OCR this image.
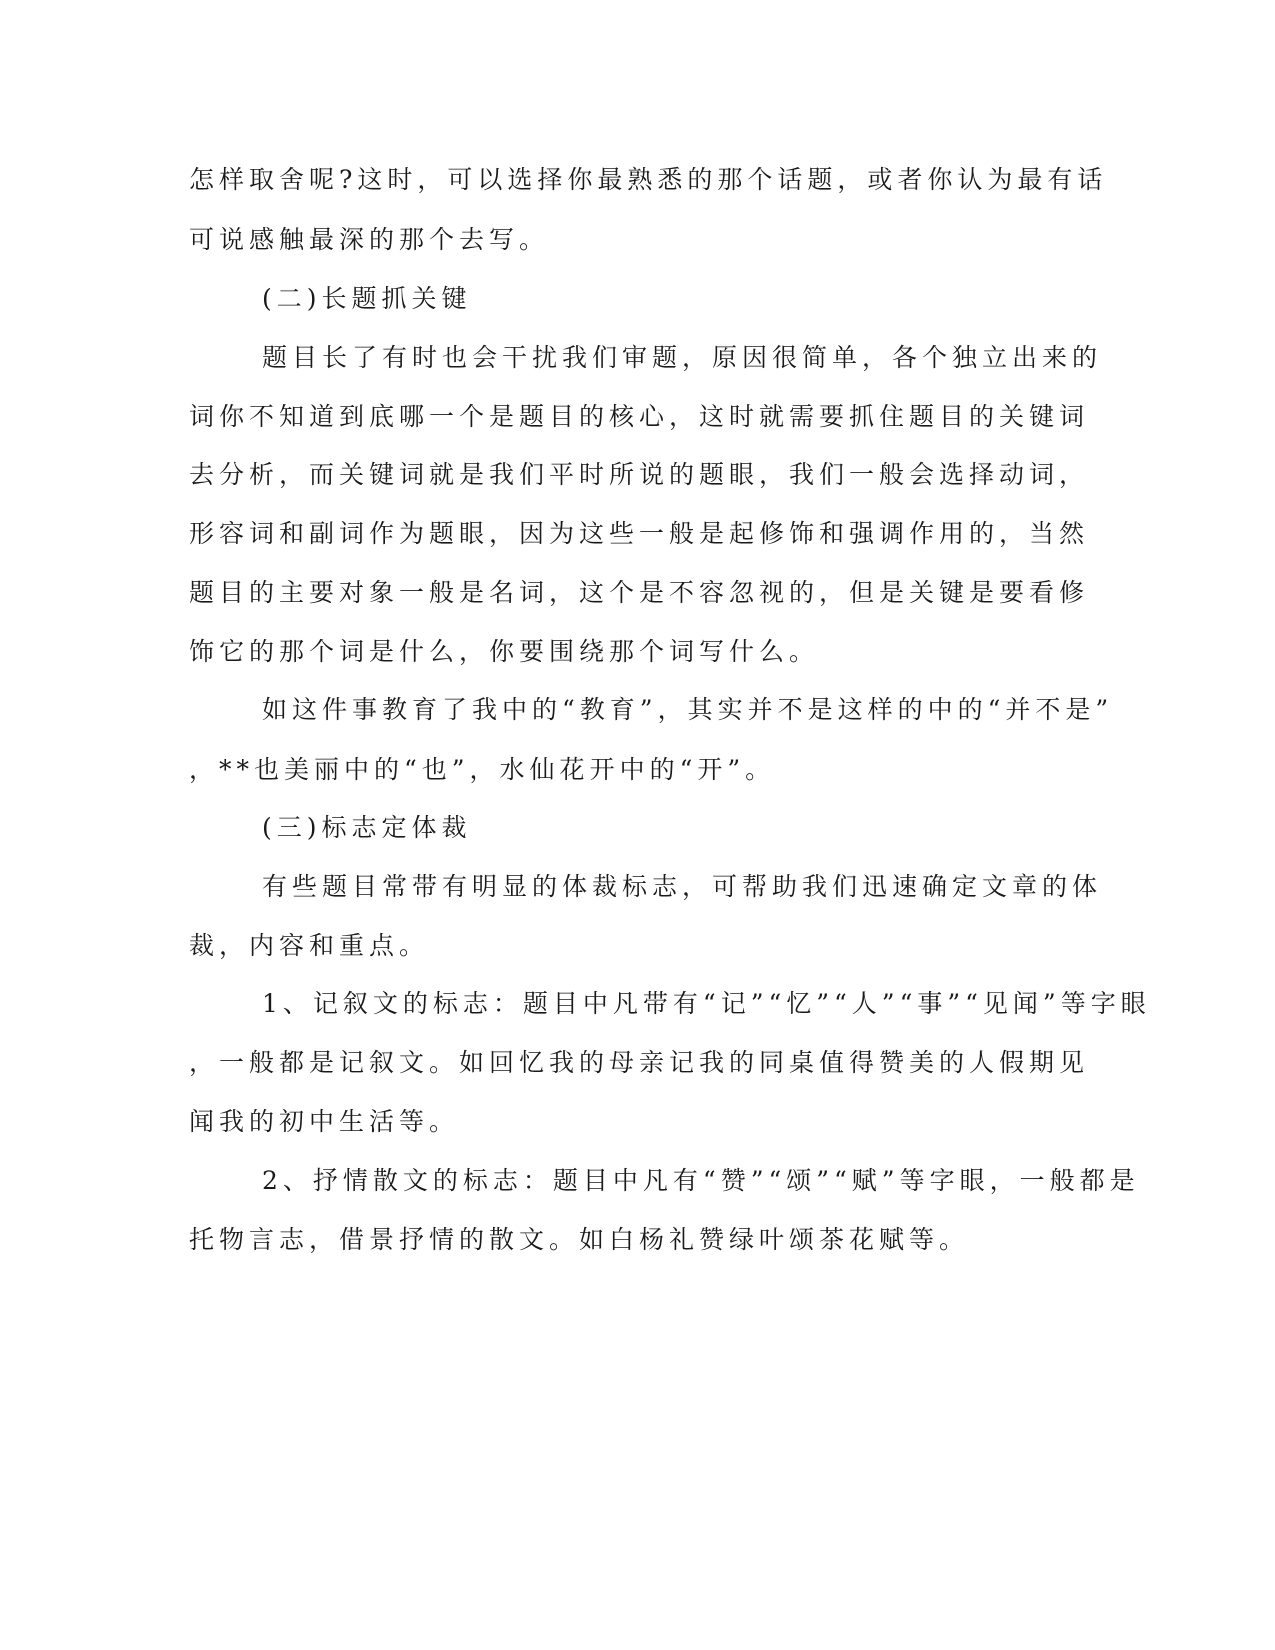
怎样取舍呢?这时，可以选择你最熟悉的那个话题，或者你认为最有话
可说感触最深的那个去写。
(二)长题抓关键
题目长了有时也会干扰我们审题，原因很简单，各个独立出来的
词你不知道到底哪一个是题目的核心，这时就需要抓住题目的关键词
去分析，而关键词就是我们平时所说的题眼，我们一般会选择动词，
形容词和副词作为题眼，因为这些一般是起修饰和强调作用的，当然
题目的主要对象一般是名词，这个是不容忽视的，但是关键是要看修
饰它的那个词是什么，你要围绕那个词写什么。
如这件事教育了我中的“教育”，其实并不是这样的中的“并不是”
，**也美丽中的“也”，水仙花开中的“开”。
(三)标志定体裁
有些题目常带有明显的体裁标志，可帮助我们迅速确定文章的体
裁，内容和重点。
1、记叙文的标志：题目中凡带有“记”“忆”“人”“事”“见闻”等字眼
，一般都是记叙文。如回忆我的母亲记我的同桌值得赞美的人假期见
闻我的初中生活等。
2、抒情散文的标志：题目中凡有“赞”“颂”“赋”等字眼，一般都是
托物言志，借景抒情的散文。如白杨礼赞绿叶颂茶花赋等。
